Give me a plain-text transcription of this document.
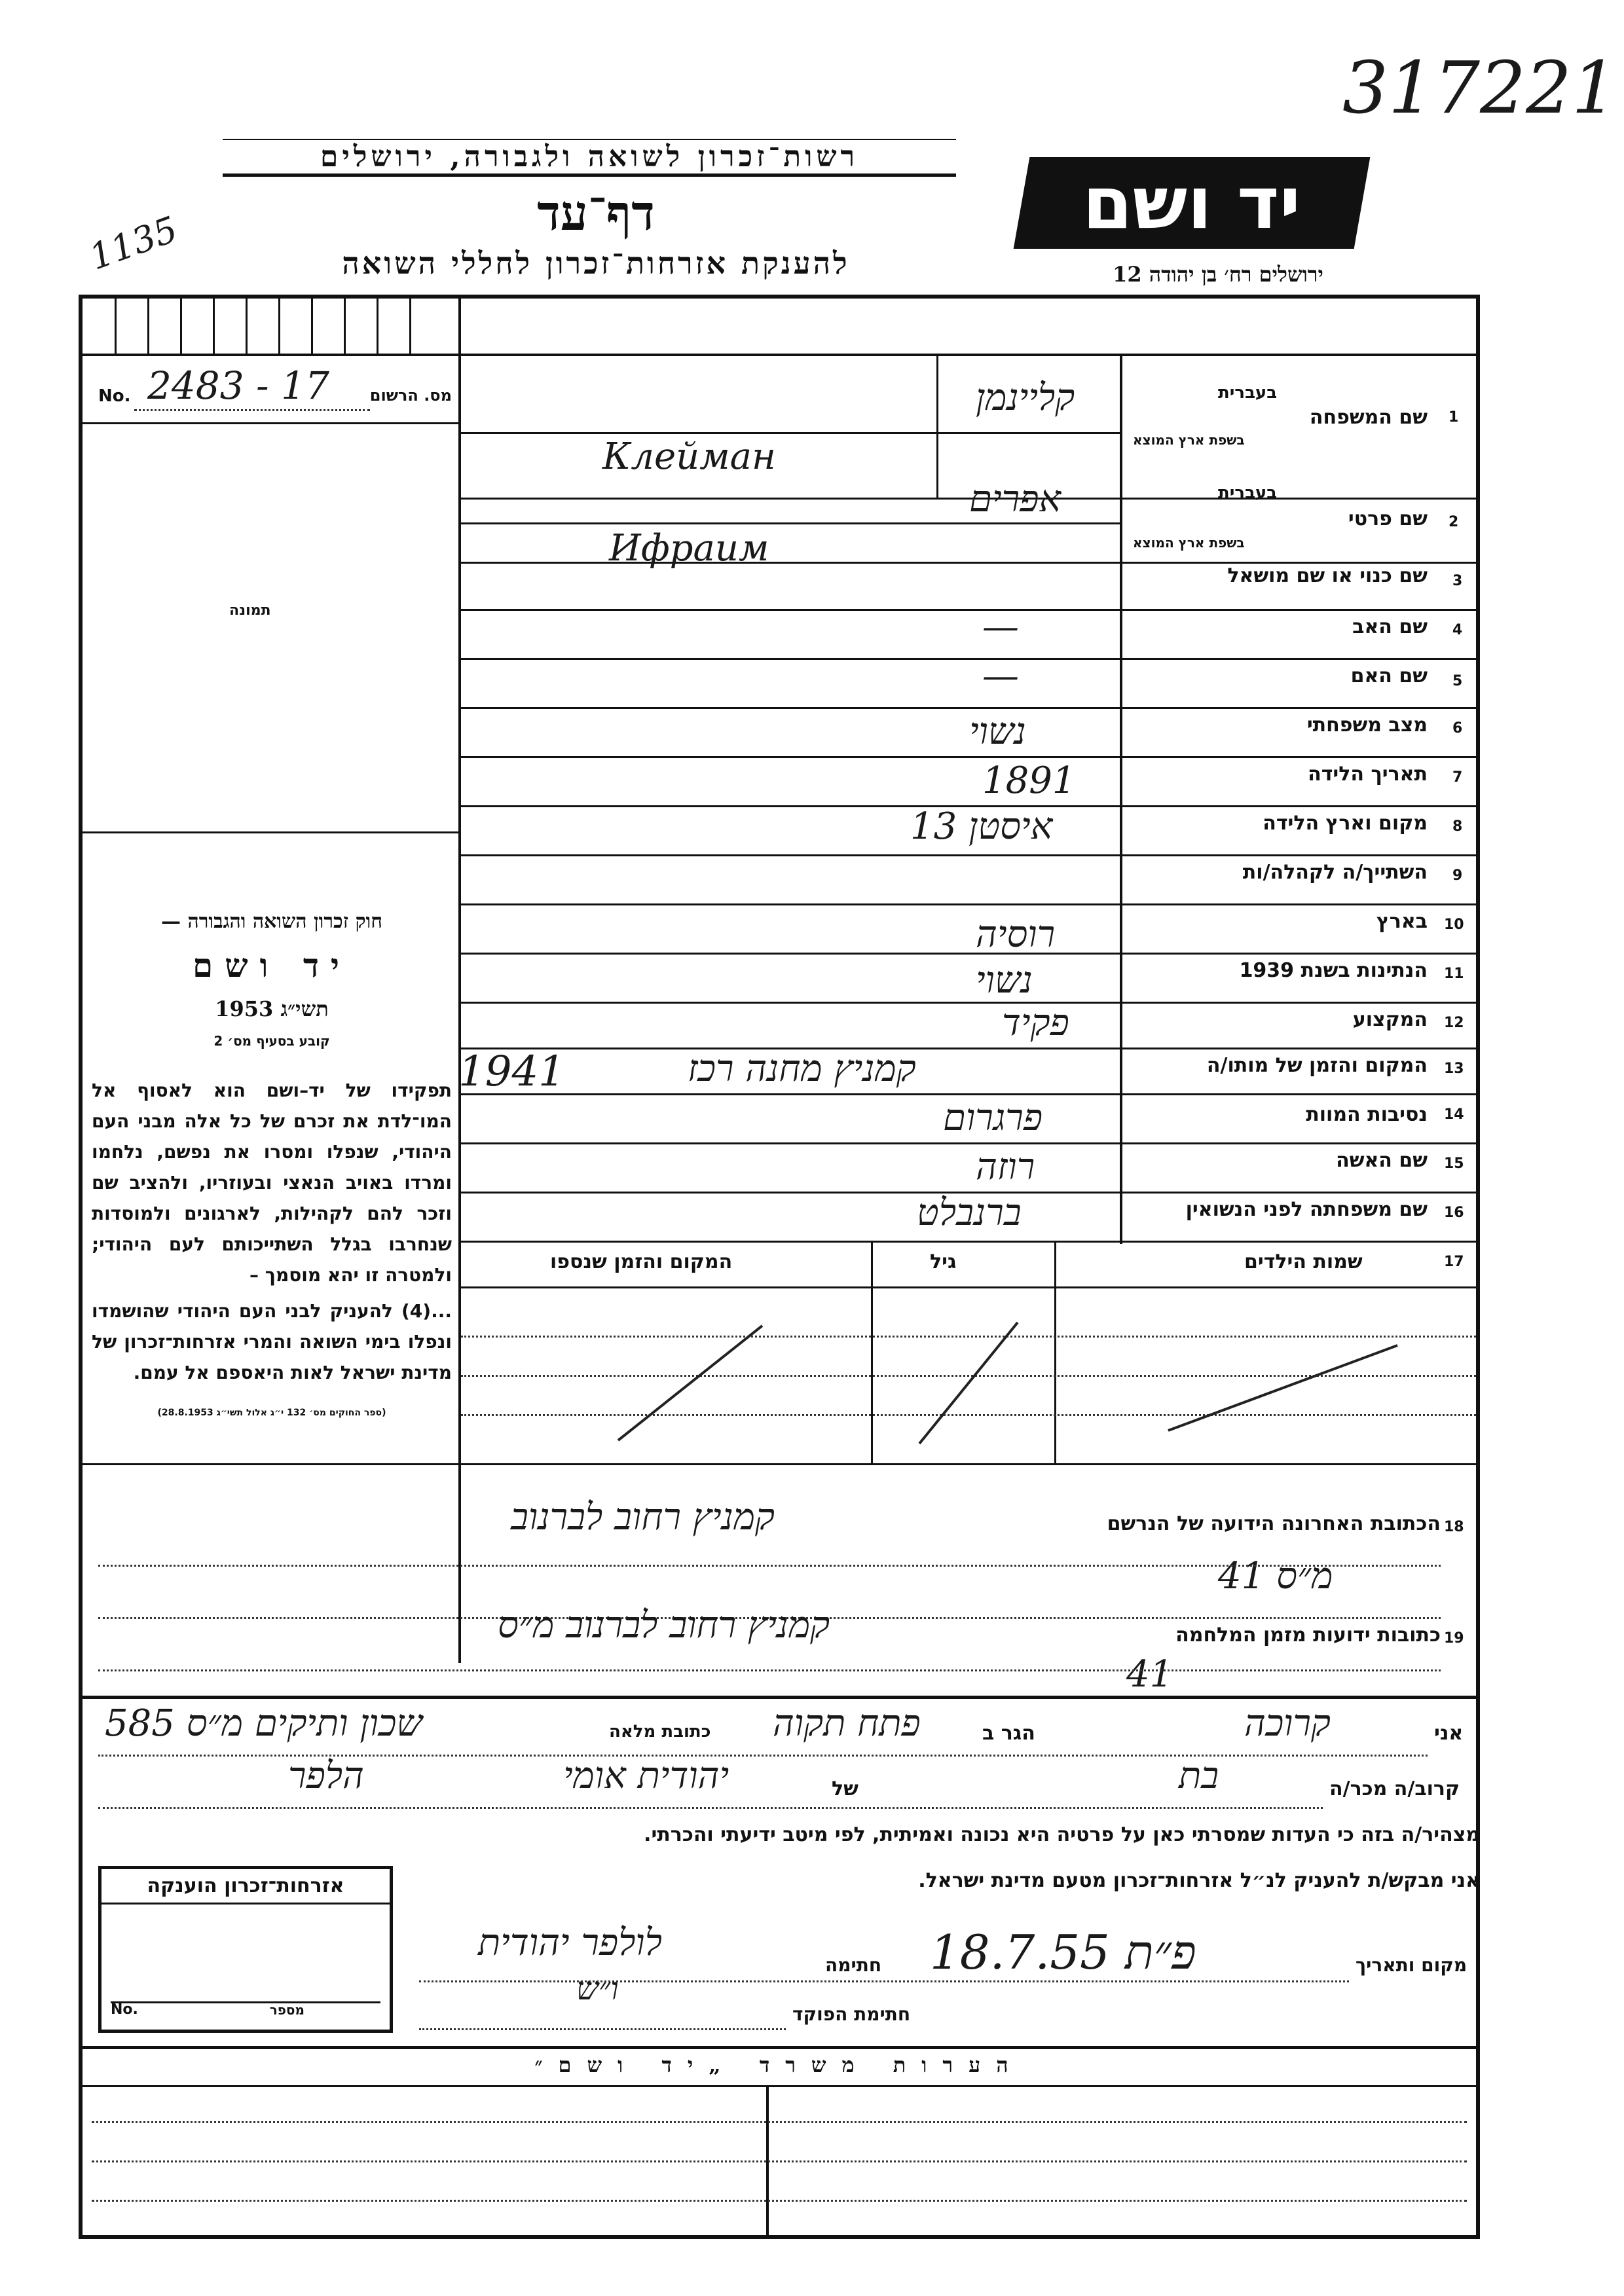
317221
1135
רשות־זכרון לשואה ולגבורה, ירושלים
דף־עד
להענקת אזרחות־זכרון לחללי השואה
יד ושם
ירושלים רח׳ בן יהודה 12
No. 2483 - 17	מס. הרשום
תמונה
חוק זכרון השואה והגבורה —
יד ושם
תשי״ג 1953
קובע בסעיף מס׳ 2
תפקידו של יד–ושם הוא לאסוף אל המו־לדת את זכרם של כל אלה מבני העם היהודי, שנפלו ומסרו את נפשם, נלחמו ומרדו באויב הנאצי ובעוזריו, ולהציב שם וזכר להם לקהילות, לארגונים ולמוסדות שנחרבו בגלל השתייכותם לעם היהודי; ולמטרה זו יהא מוסמך –
...(4) להעניק לבני העם היהודי שהושמדו ונפלו בימי השואה והמרי אזרחות־זכרון של מדינת ישראל לאות היאספם אל עמם.
(ספר החוקים מס׳ 132 י״ג אלול תשי״ג 28.8.1953)
1
שם המשפחה
בעברית
בשפת ארץ המוצא
קליינמן
Клейман
2
שם פרטי
בעברית
בשפת ארץ המוצא
אפרים
Ифраим
3
שם כנוי או שם מושאל
4
שם האב
—
5
שם האם
—
6
מצב משפחתי
נשוי
7
תאריך הלידה
1891
8
מקום וארץ הלידה
איסטן 13
9
השתייך/ה לקהלה/ות
10
בארץ
רוסיה
11
הנתינות בשנת 1939
נשוי
12
המקצוע
פקיד
13
המקום והזמן של מותו/ה
קמניץ מחנה רכז
1941
14
נסיבות המוות
פרגרום
15
שם האשה
רוזה
16
שם משפחתה לפני הנשואין
ברנבלט
17
שמות הילדים
גיל
המקום והזמן שנספו
18
הכתובת האחרונה הידועה של הנרשם
קמניץ רחוב לברנוב
מ״ס 41
19
כתובות ידועות מזמן המלחמה
קמניץ רחוב לברנוב מ״ס
41
אני
קרוכה
הגר ב
פתח תקוה
כתובת מלאה
שכון ותיקים מ״ס 585
קרוב/ה מכר/ה
בת
של
יהודית אומי
הלפר
מצהיר/ה בזה כי העדות שמסרתי כאן על פרטיה היא נכונה ואמיתית, לפי מיטב ידיעתי והכרתי.
אני מבקש/ת להעניק לנ״ל אזרחות־זכרון מטעם מדינת ישראל.
מקום ותאריך
פ״ת 18.7.55
חתימה
לולפר יהודית
חתימת הפוקד
ו״ש
אזרחות־זכרון הוענקה
No.	מספר
הערות משרד „יד ושם״
